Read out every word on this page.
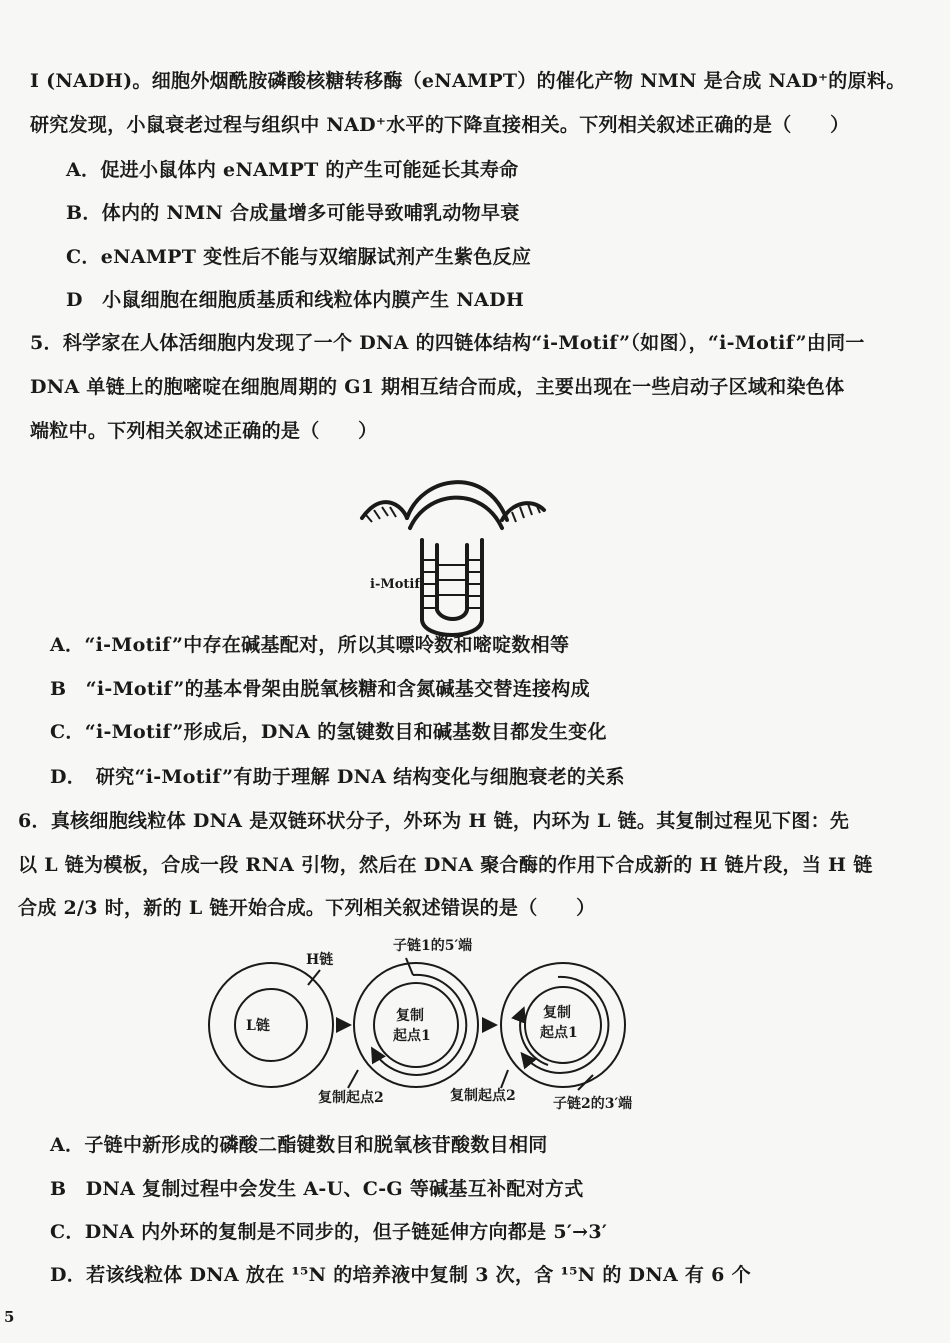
I (NADH)。细胞外烟酰胺磷酸核糖转移酶（eNAMPT）的催化产物 NMN 是合成 NAD⁺的原料。
研究发现，小鼠衰老过程与组织中 NAD⁺水平的下降直接相关。下列相关叙述正确的是（　　）
A．促进小鼠体内 eNAMPT 的产生可能延长其寿命
B．体内的 NMN 合成量增多可能导致哺乳动物早衰
C．eNAMPT 变性后不能与双缩脲试剂产生紫色反应
D　小鼠细胞在细胞质基质和线粒体内膜产生 NADH
5．科学家在人体活细胞内发现了一个 DNA 的四链体结构“i-Motif”（如图），“i-Motif”由同一
DNA 单链上的胞嘧啶在细胞周期的 G1 期相互结合而成，主要出现在一些启动子区域和染色体
端粒中。下列相关叙述正确的是（　　）
i-Motif
A．“i-Motif”中存在碱基配对，所以其嘌呤数和嘧啶数相等
B　“i-Motif”的基本骨架由脱氧核糖和含氮碱基交替连接构成
C．“i-Motif”形成后，DNA 的氢键数目和碱基数目都发生变化
D．　研究“i-Motif”有助于理解 DNA 结构变化与细胞衰老的关系
6．真核细胞线粒体 DNA 是双链环状分子，外环为 H 链，内环为 L 链。其复制过程见下图：先
以 L 链为模板，合成一段 RNA 引物，然后在 DNA 聚合酶的作用下合成新的 H 链片段，当 H 链
合成 2/3 时，新的 L 链开始合成。下列相关叙述错误的是（　　）
H链
L链
子链1的5′端
复制
起点1
复制
起点1
复制起点2	复制起点2	子链2的3′端
A．子链中新形成的磷酸二酯键数目和脱氧核苷酸数目相同
B　DNA 复制过程中会发生 A-U、C-G 等碱基互补配对方式
C．DNA 内外环的复制是不同步的，但子链延伸方向都是 5′→3′
D．若该线粒体 DNA 放在 ¹⁵N 的培养液中复制 3 次，含 ¹⁵N 的 DNA 有 6 个
5
